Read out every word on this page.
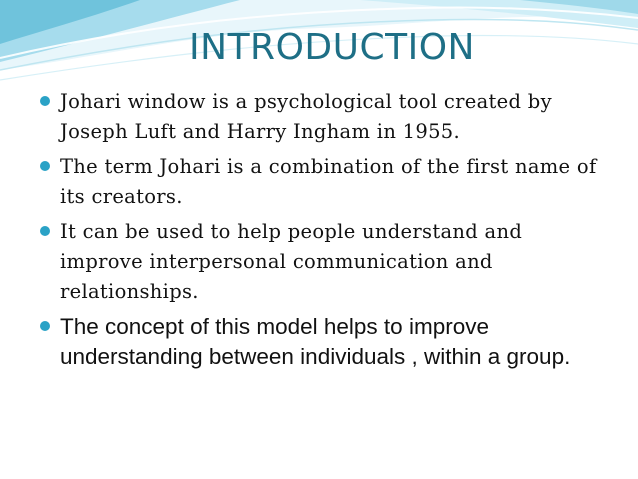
INTRODUCTION
Johari window is a psychological tool created by Joseph Luft and Harry Ingham in 1955.
The term Johari is a combination of the first name of its creators.
It can be used to help people understand and improve interpersonal communication and relationships.
The concept of this model helps to improve understanding between individuals , within a group.
